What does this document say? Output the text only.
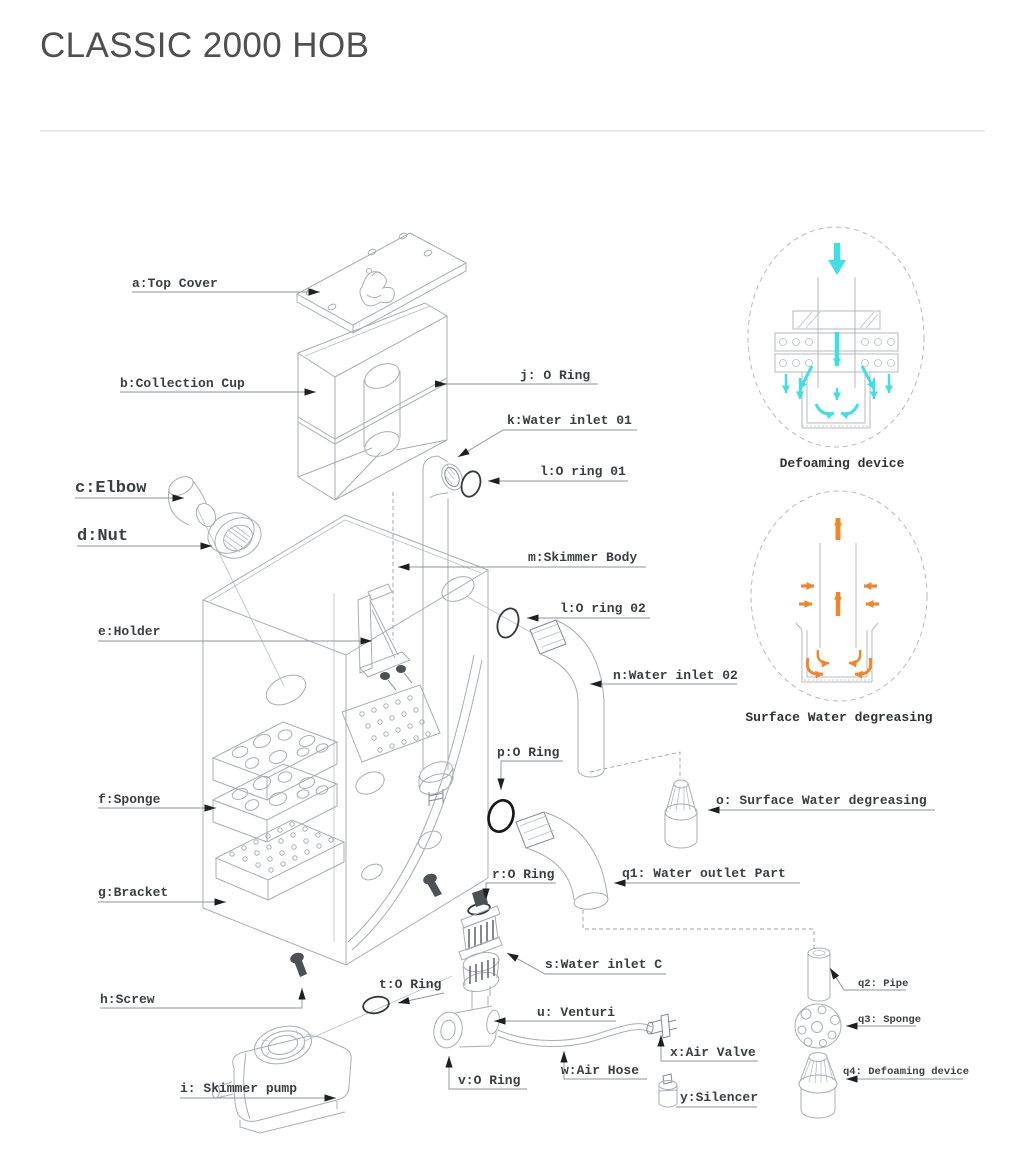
CLASSIC 2000 HOB
Defoaming device
Surface Water degreasing
a:Top Cover
b:Collection Cup
c:Elbow
d:Nut
e:Holder
f:Sponge
g:Bracket
h:Screw
i: Skimmer pump
j: O Ring
k:Water inlet 01
l:O ring 01
m:Skimmer Body
l:O ring 02
n:Water inlet 02
p:O Ring
o: Surface Water degreasing
r:O Ring	q1: Water outlet Part
s:Water inlet C
t:O Ring
u: Venturi
v:O Ring
w:Air Hose
x:Air Valve
y:Silencer
q2: Pipe
q3: Sponge
q4: Defoaming device
